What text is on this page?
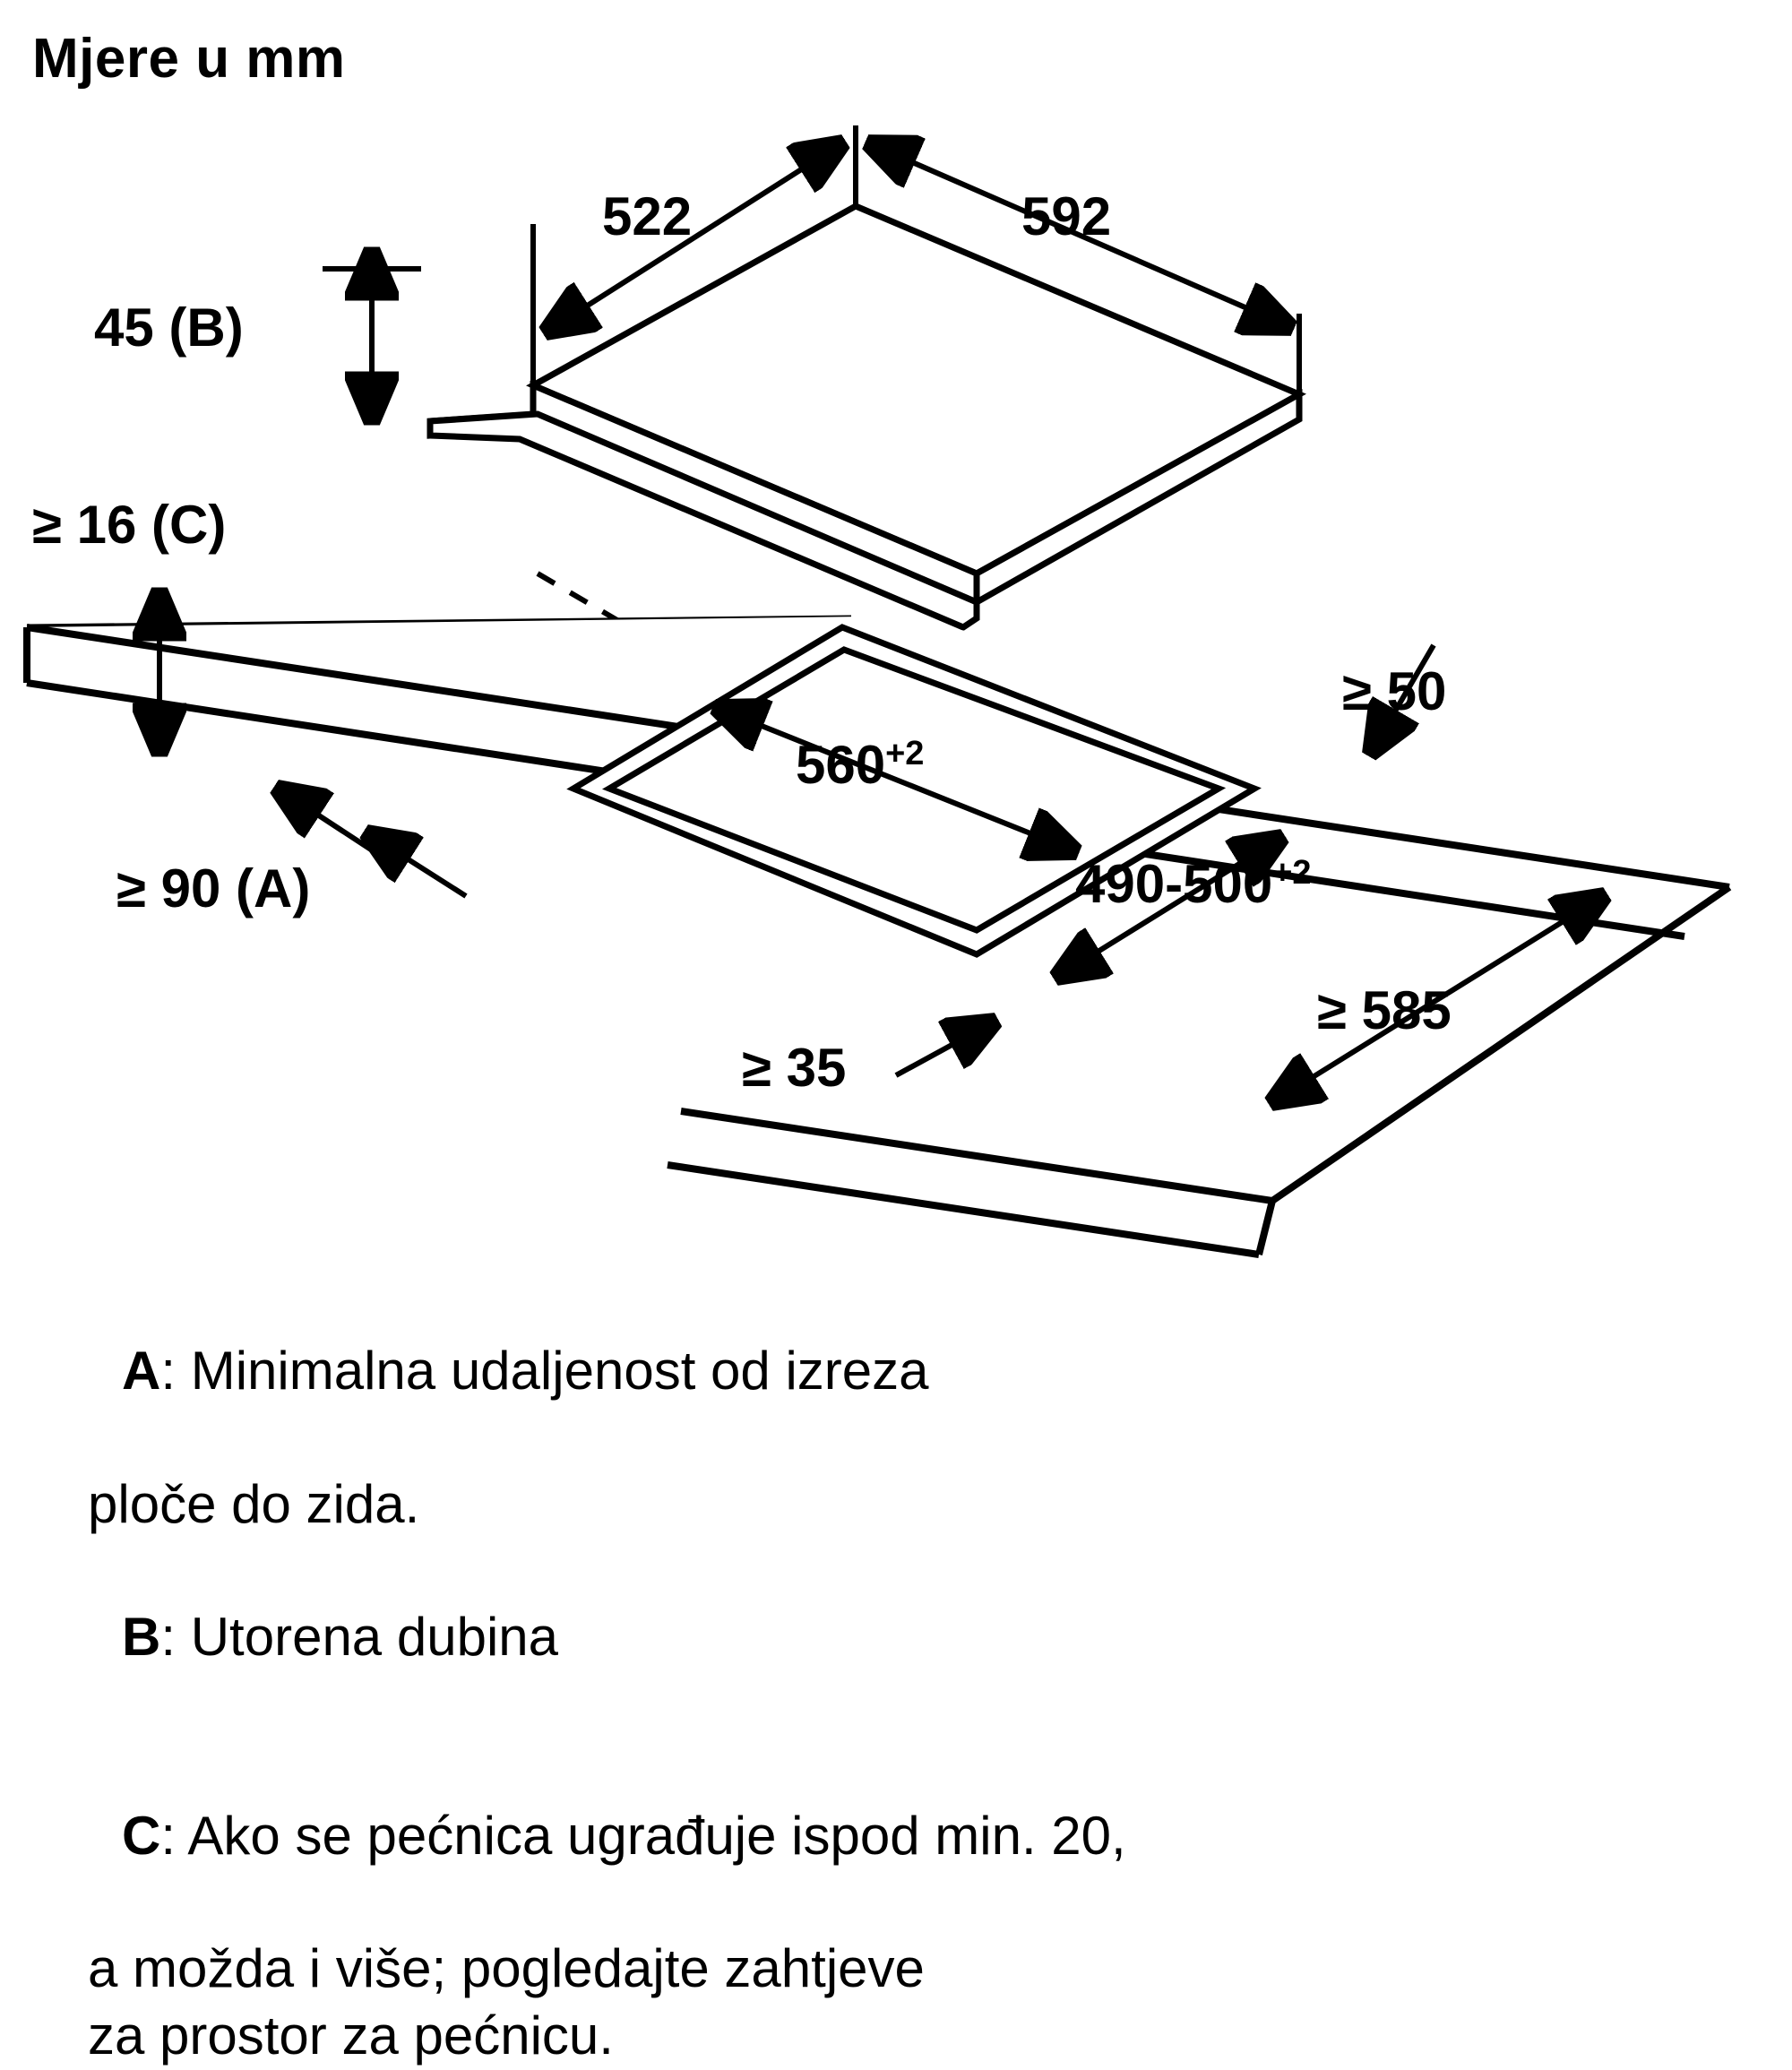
Mjere u mm
522	592
45 (B)
≥ 16 (C)
$560^{+2}$
$490-500^{+2}$
≥ 50
≥ 35
≥ 90 (A)
≥ 585

A: Minimalna udaljenost od izreza

ploče do zida.

B: Utorena dubina

C: Ako se pećnica ugrađuje ispod min. 20,

a možda i više; pogledajte zahtjeve
za prostor za pećnicu.
